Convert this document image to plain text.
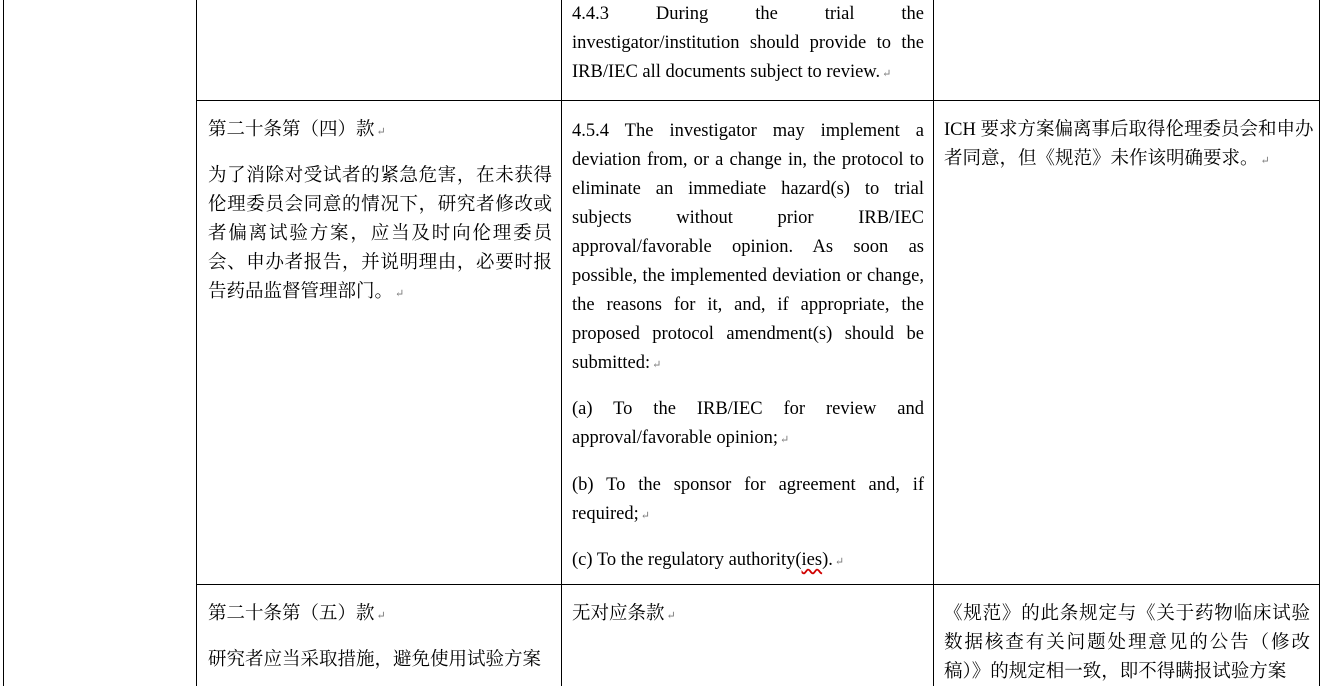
4.4.3 During the trial the investigator/institution should provide to the IRB/IEC all documents subject to review. ↵

第二十条第（四）款 ↵

为了消除对受试者的紧急危害，在未获得伦理委员会同意的情况下，研究者修改或者偏离试验方案，应当及时向伦理委员会、申办者报告，并说明理由，必要时报告药品监督管理部门。 ↵

4.5.4 The investigator may implement a deviation from, or a change in, the protocol to eliminate an immediate hazard(s) to trial subjects without prior IRB/IEC approval/favorable opinion. As soon as possible, the implemented deviation or change, the reasons for it, and, if appropriate, the proposed protocol amendment(s) should be submitted: ↵

(a) To the IRB/IEC for review and approval/favorable opinion; ↵

(b) To the sponsor for agreement and, if required; ↵

(c) To the regulatory authority(ies). ↵

ICH 要求方案偏离事后取得伦理委员会和申办者同意，但《规范》未作该明确要求。 ↵

第二十条第（五）款 ↵

研究者应当采取措施，避免使用试验方案

无对应条款 ↵	《规范》的此条规定与《关于药物临床试验数据核查有关问题处理意见的公告（修改稿）》的规定相一致，即不得瞒报试验方案
